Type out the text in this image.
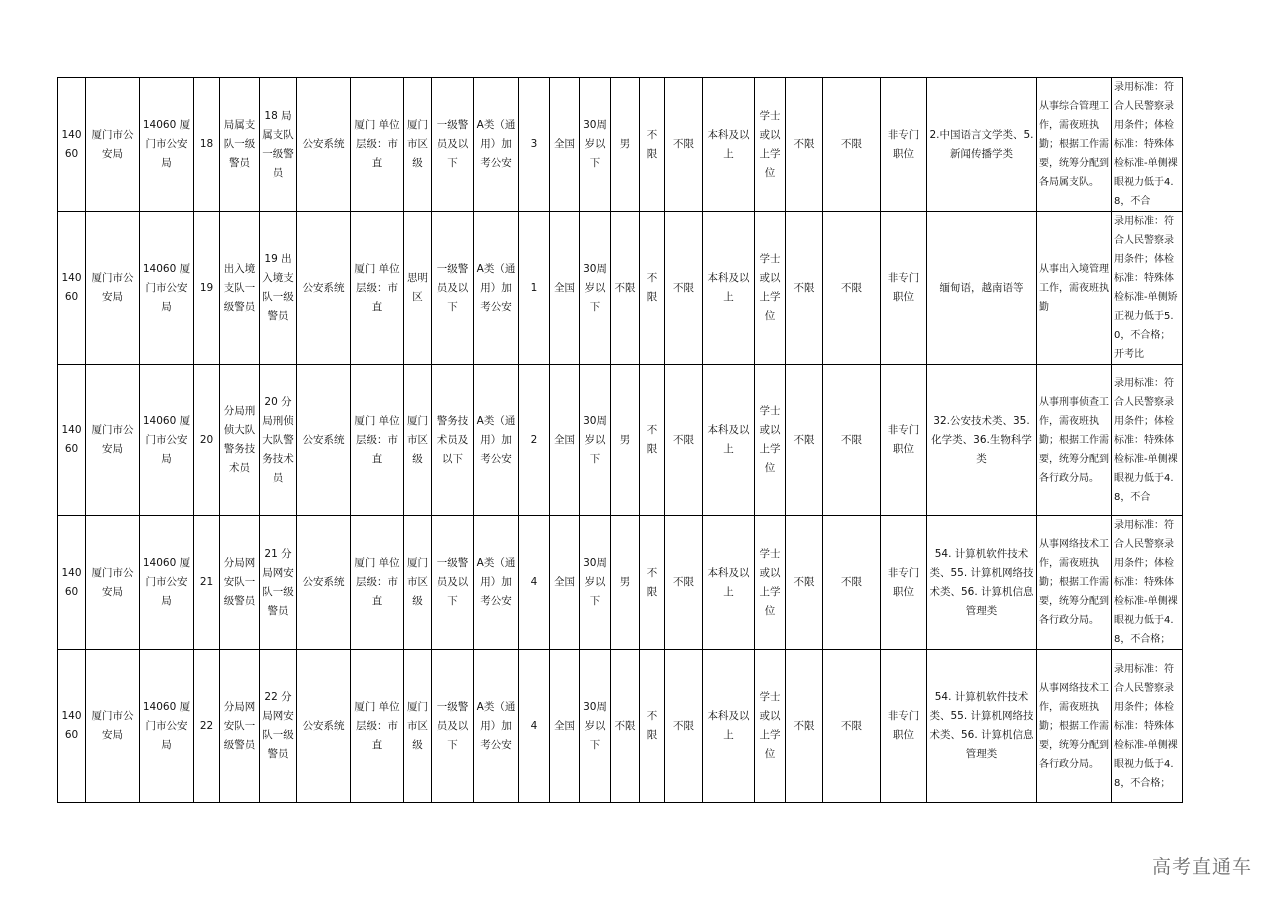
14060	厦门市公安局	14060 厦门市公安局	18	局属支队一级警员	18 局属支队一级警员	公安系统	厦门 单位层级：市直	厦门市区级	一级警员及以下	A类（通用）加考公安	3	全国	30周岁以下	男	不限	不限	本科及以上	学士或以上学位	不限	不限	非专门职位	2.中国语言文学类、5.新闻传播学类	从事综合管理工作，需夜班执勤；根据工作需要，统筹分配到各局属支队。	录用标准：符合人民警察录用条件；体检标准：特殊体检标准-单侧裸眼视力低于4.8，不合
14060	厦门市公安局	14060 厦门市公安局	19	出入境支队一级警员	19 出入境支队一级警员	公安系统	厦门 单位层级：市直	思明区	一级警员及以下	A类（通用）加考公安	1	全国	30周岁以下	不限	不限	不限	本科及以上	学士或以上学位	不限	不限	非专门职位	缅甸语，越南语等	从事出入境管理工作，需夜班执勤	录用标准：符合人民警察录用条件；体检标准：特殊体检标准-单侧矫正视力低于5.0，不合格；开考比
14060	厦门市公安局	14060 厦门市公安局	20	分局刑侦大队警务技术员	20 分局刑侦大队警务技术员	公安系统	厦门 单位层级：市直	厦门市区级	警务技术员及以下	A类（通用）加考公安	2	全国	30周岁以下	男	不限	不限	本科及以上	学士或以上学位	不限	不限	非专门职位	32.公安技术类、35.化学类、36.生物科学类	从事刑事侦查工作，需夜班执勤；根据工作需要，统筹分配到各行政分局。	录用标准：符合人民警察录用条件；体检标准：特殊体检标准-单侧裸眼视力低于4.8，不合
14060	厦门市公安局	14060 厦门市公安局	21	分局网安队一级警员	21 分局网安队一级警员	公安系统	厦门 单位层级：市直	厦门市区级	一级警员及以下	A类（通用）加考公安	4	全国	30周岁以下	男	不限	不限	本科及以上	学士或以上学位	不限	不限	非专门职位	54. 计算机软件技术类、55. 计算机网络技术类、56. 计算机信息管理类	从事网络技术工作，需夜班执勤；根据工作需要，统筹分配到各行政分局。	录用标准：符合人民警察录用条件；体检标准：特殊体检标准-单侧裸眼视力低于4.8，不合格；
14060	厦门市公安局	14060 厦门市公安局	22	分局网安队一级警员	22 分局网安队一级警员	公安系统	厦门 单位层级：市直	厦门市区级	一级警员及以下	A类（通用）加考公安	4	全国	30周岁以下	不限	不限	不限	本科及以上	学士或以上学位	不限	不限	非专门职位	54. 计算机软件技术类、55. 计算机网络技术类、56. 计算机信息管理类	从事网络技术工作，需夜班执勤；根据工作需要，统筹分配到各行政分局。	录用标准：符合人民警察录用条件；体检标准：特殊体检标准-单侧裸眼视力低于4.8，不合格；
高考直通车
